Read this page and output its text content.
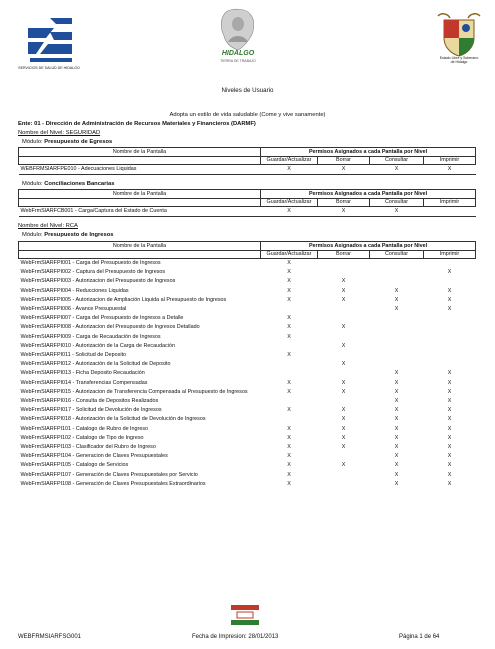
SERVICIOS DE SALUD DE HIDALGO
HIDALGO
TIERRA DE TRABAJO
Estado Libre y Soberano
de Hidalgo
Niveles de Usuario
Adopta un estilo de vida saludable (Come y vive sanamente)
Ente: 01 - Dirección de Administración de Recursos Materiales y Financieros (DARMF)
Nombre del Nivel: SEGURIDAD
Módulo: Presupuesto de Egresos
Nombre de la Pantalla	Permisos Asignados a cada Pantalla por Nivel			
	Guardar/Actualizar	Borrar	Consultar	Imprimir
WEBFRMSIARFPE010 - Adecuaciones Liquidas	X	X	X	X
Módulo: Conciliaciones Bancarias
Nombre de la Pantalla	Permisos Asignados a cada Pantalla por Nivel			
	Guardar/Actualizar	Borrar	Consultar	Imprimir
WebFrmSIARFCB001 - Carga/Captura del Estado de Cuenta	X	X	X	
Nombre del Nivel: RCA
Módulo: Presupuesto de Ingresos
Nombre de la Pantalla	Permisos Asignados a cada Pantalla por Nivel			
	Guardar/Actualizar	Borrar	Consultar	Imprimir
WebFrmSIARFPI001 - Carga del Presupuesto de Ingresos	X			
WebFrmSIARFPI002 - Captura del Presupuesto de Ingresos	X			X
WebFrmSIARFPI003 - Autorizacion del Presupuesto de Ingresos	X	X		
WebFrmSIARFPI004 - Reducciones Liquidas	X	X	X	X
WebFrmSIARFPI005 - Autorizacion de Ampliación Liquida al Presupuesto de Ingresos	X	X	X	X
WebFrmSIARFPI006 - Avance Presupuestal			X	X
WebFrmSIARFPI007 - Carga del Presupuesto de Ingresos a Detalle	X			
WebFrmSIARFPI008 - Autorizacion del Presupuesto de Ingresos Detallado	X	X		
WebFrmSIARFPI009 - Carga de Recaudación de Ingresos	X			
WebFrmSIARFPI010 - Autorización de la Carga de Recaudación		X		
WebFrmSIARFPI011 - Solicitud de Deposito	X			
WebFrmSIARFPI012 - Autorización de la Solicitud de Deposito		X		
WebFrmSIARFPI013 - Ficha Deposito Recaudación			X	X
WebFrmSIARFPI014 - Transferencias Compensadas	X	X	X	X
WebFrmSIARFPI015 - Autorizacion de Transferencia Compensada al Presupuesto de Ingresos	X	X	X	X
WebFrmSIARFPI016 - Consulta de Depositos Realizados			X	X
WebFrmSIARFPI017 - Solicitud de Devolución de Ingresos	X	X	X	X
WebFrmSIARFPI018 - Autorización de la Solicitud de Devolución de Ingresos		X	X	X
WebFrmSIARFPI101 - Catalogo de Rubro de Ingreso	X	X	X	X
WebFrmSIARFPI102 - Catalogo de Tipo de Ingreso	X	X	X	X
WebFrmSIARFPI103 - Clasificador del Rubro de Ingreso	X	X	X	X
WebFrmSIARFPI104 - Generacion de Claves Presupuestales	X		X	X
WebFrmSIARFPI105 - Catalogo de Servicios	X	X	X	X
WebFrmSIARFPI107 - Generación de Claves Presupuestales por Servicio	X		X	X
WebFrmSIARFPI108 - Generación de Claves Presupuestales Extraordinarios	X		X	X
WEBFRMSIARFSG001	Fecha de Impresion: 28/01/2013	Página 1 de 64
